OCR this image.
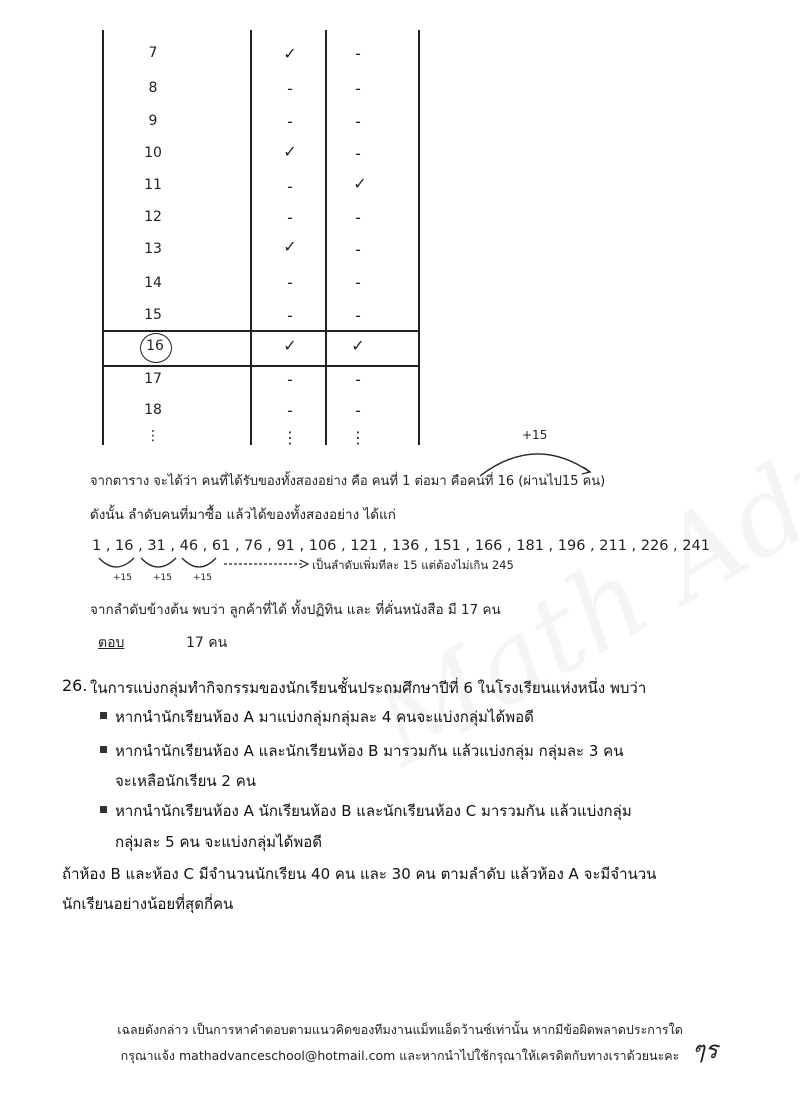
7	✓	-
8	-	-
9	-	-
10	✓	-
11	-	✓
12	-	-
13	✓	-
14	-	-
15	-	-
16	✓	✓
17	-	-
18	-	-
⋮	⋮	⋮
จากตาราง จะได้ว่า คนที่ได้รับของทั้งสองอย่าง คือ คนที่ 1 ต่อมา คือคนที่ 16 (ผ่านไป15 คน)
+15
ดังนั้น ลำดับคนที่มาซื้อ แล้วได้ของทั้งสองอย่าง ได้แก่
1 , 16 , 31 , 46 , 61 , 76 , 91 , 106 , 121 , 136 , 151 , 166 , 181 , 196 , 211 , 226 , 241
+15 +15 +15
เป็นลำดับเพิ่มทีละ 15 แต่ต้องไม่เกิน 245
จากลำดับข้างต้น พบว่า ลูกค้าที่ได้ ทั้งปฏิทิน และ ที่คั่นหนังสือ มี 17 คน
ตอบ	17 คน
26. ในการแบ่งกลุ่มทำกิจกรรมของนักเรียนชั้นประถมศึกษาปีที่ 6 ในโรงเรียนแห่งหนึ่ง พบว่า
หากนำนักเรียนห้อง A มาแบ่งกลุ่มกลุ่มละ 4 คนจะแบ่งกลุ่มได้พอดี
หากนำนักเรียนห้อง A และนักเรียนห้อง B มารวมกัน แล้วแบ่งกลุ่ม กลุ่มละ 3 คน
จะเหลือนักเรียน 2 คน
หากนำนักเรียนห้อง A นักเรียนห้อง B และนักเรียนห้อง C มารวมกัน แล้วแบ่งกลุ่ม
กลุ่มละ 5 คน จะแบ่งกลุ่มได้พอดี
ถ้าห้อง B และห้อง C มีจำนวนนักเรียน 40 คน และ 30 คน ตามลำดับ แล้วห้อง A จะมีจำนวน
นักเรียนอย่างน้อยที่สุดกี่คน
เฉลยดังกล่าว เป็นการหาคำตอบตามแนวคิดของทีมงานแม็ทแอ็ดว้านซ์เท่านั้น หากมีข้อผิดพลาดประการใด
กรุณาแจ้ง mathadvanceschool@hotmail.com และหากนำไปใช้กรุณาให้เครดิตกับทางเราด้วยนะคะ ๆร
